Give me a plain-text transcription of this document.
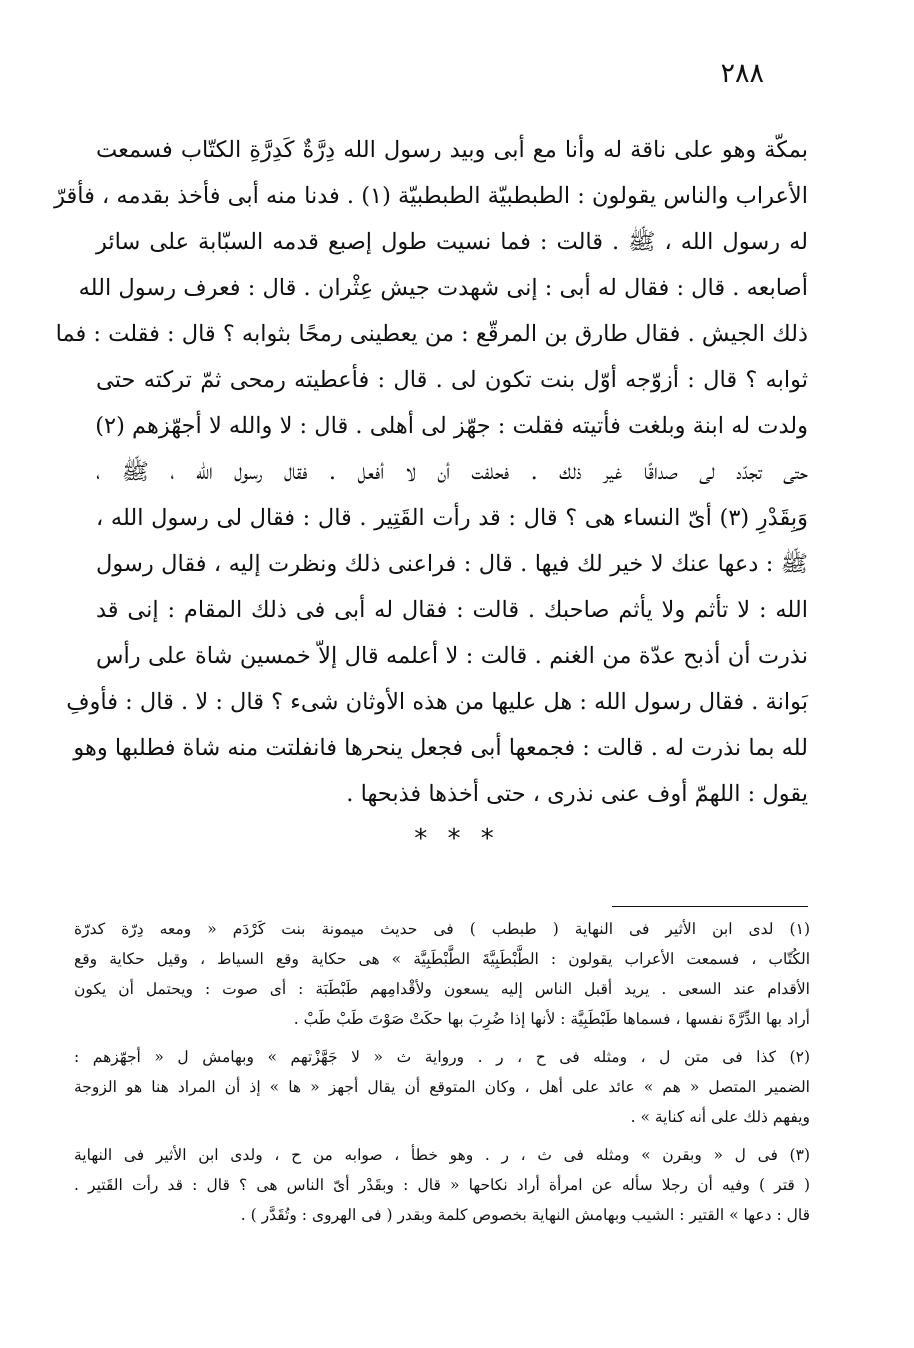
٢٨٨
بمكّة وهو على ناقة له وأنا مع أبى وبيد رسول الله دِرَّةٌ كَدِرَّةِ الكتّاب فسمعت
الأعراب والناس يقولون : الطبطبيّة الطبطبيّة (١) . فدنا منه أبى فأخذ بقدمه ، فأقرّ
له رسول الله ، ﷺ . قالت : فما نسيت طول إصبع قدمه السبّابة على سائر
أصابعه . قال : فقال له أبى : إنى شهدت جيش عِثْران . قال : فعرف رسول الله
ذلك الجيش . فقال طارق بن المرقّع : من يعطينى رمحًا بثوابه ؟ قال : فقلت : فما
ثوابه ؟ قال : أزوّجه أوّل بنت تكون لى . قال : فأعطيته رمحى ثمّ تركته حتى
ولدت له ابنة وبلغت فأتيته فقلت : جهّز لى أهلى . قال : لا والله لا أجهّزهم (٢)
حتى تجدّد لى صداقًا غير ذلك . فحلفت أن لا أفعل . فقال رسول الله ، ﷺ ،
وَبِقَدْرِ (٣) أىّ النساء هى ؟ قال : قد رأت القَتِير . قال : فقال لى رسول الله ،
ﷺ : دعها عنك لا خير لك فيها . قال : فراعنى ذلك ونظرت إليه ، فقال رسول
الله : لا تأثم ولا يأثم صاحبك . قالت : فقال له أبى فى ذلك المقام : إنى قد
نذرت أن أذبح عدّة من الغنم . قالت : لا أعلمه قال إلاّ خمسين شاة على رأس
بَوانة . فقال رسول الله : هل عليها من هذه الأوثان شىء ؟ قال : لا . قال : فأوفِ
لله بما نذرت له . قالت : فجمعها أبى فجعل ينحرها فانفلتت منه شاة فطلبها وهو
يقول : اللهمّ أوف عنى نذرى ، حتى أخذها فذبحها .
* * *
(١) لدى ابن الأثير فى النهاية ( طبطب ) فى حديث ميمونة بنت كَرْدَم « ومعه دِرّة كدرّة
الكُتّاب ، فسمعت الأعراب يقولون : الطَّبْطَبِيَّةَ الطَّبْطَبِيَّة » هى حكاية وقع السياط ، وقيل حكاية وقع
الأقدام عند السعى . يريد أقبل الناس إليه يسعون ولأقْدامِهم طَبْطَبَة : أى صوت : ويحتمل أن يكون
أراد بها الدِّرَّةَ نفسها ، فسماها طَبْطَبِيَّة : لأنها إذا ضُرِبَ بها حكَتْ صَوْتَ طَبْ طَبْ .
(٢) كذا فى متن ل ، ومثله فى ح ، ر . ورواية ث « لا جَهَّزْتهم » وبهامش ل « أجهّزهم :
الضمير المتصل « هم » عائد على أهل ، وكان المتوقع أن يقال أجهز « ها » إذ أن المراد هنا هو الزوجة
ويفهم ذلك على أنه كناية » .
(٣) فى ل « وبقرن » ومثله فى ث ، ر . وهو خطأ ، صوابه من ح ، ولدى ابن الأثير فى النهاية
( قتر ) وفيه أن رجلا سأله عن امرأة أراد نكاحها « قال : وبقَدْر أىّ الناس هى ؟ قال : قد رأت القَتير .
قال : دعها » القتير : الشيب وبهامش النهاية بخصوص كلمة وبقدر ( فى الهروى : وتُقَدَّر ) .
